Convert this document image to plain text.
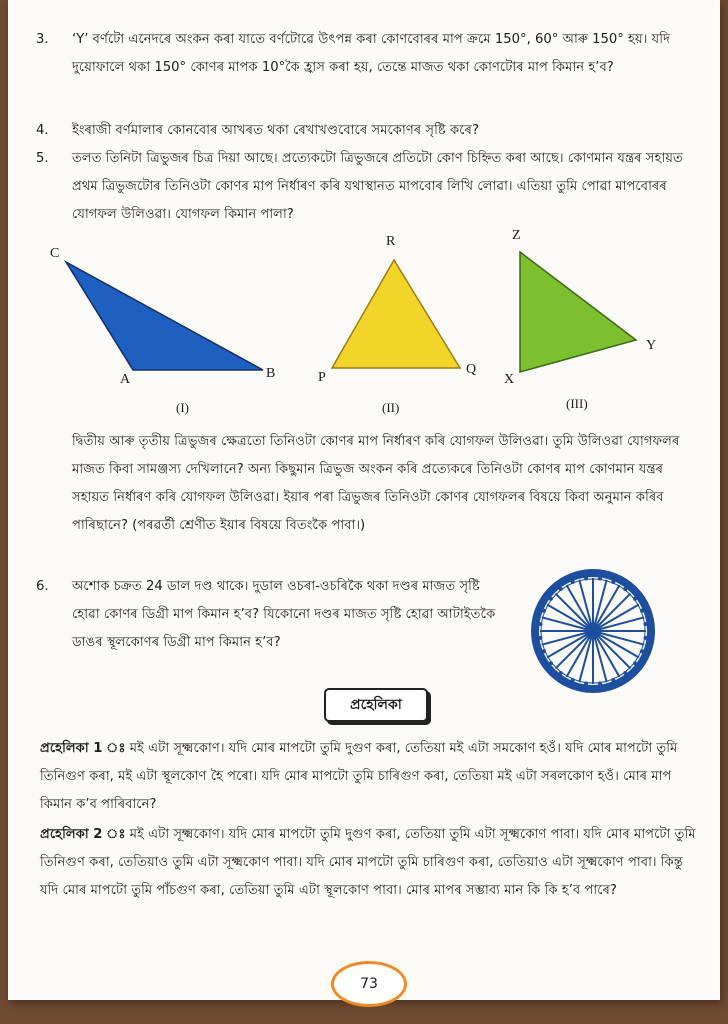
3. ‘Y’ বর্ণটো এনেদৰে অংকন কৰা যাতে বর্ণটোৱে উৎপন্ন কৰা কোণবোৰৰ মাপ ক্রমে 150°, 60° আৰু 150° হয়। যদি দুয়োফালে থকা 150° কোণৰ মাপক 10°কৈ হ্রাস কৰা হয়, তেন্তে মাজত থকা কোণটোৰ মাপ কিমান হ’ব?
4. ইংৰাজী বৰ্ণমালাৰ কোনবোৰ আখৰত থকা ৰেখাখণ্ডবোৰে সমকোণৰ সৃষ্টি কৰে?
5. তলত তিনিটা ত্ৰিভুজৰ চিত্ৰ দিয়া আছে। প্ৰত্যেকটো ত্ৰিভুজৰে প্ৰতিটো কোণ চিহ্নিত কৰা আছে। কোণমান যন্ত্ৰৰ সহায়ত প্ৰথম ত্ৰিভুজটোৰ তিনিওটা কোণৰ মাপ নিৰ্ধাৰণ কৰি যথাস্থানত মাপবোৰ লিখি লোৱা। এতিয়া তুমি পোৱা মাপবোৰৰ যোগফল উলিওৱা। যোগফল কিমান পালা?
C
A	B
(I)
R
P
Q
(II)
Z
X
Y
(III)
দ্বিতীয় আৰু তৃতীয় ত্ৰিভুজৰ ক্ষেত্ৰতো তিনিওটা কোণৰ মাপ নিৰ্ধাৰণ কৰি যোগফল উলিওৱা। তুমি উলিওৱা যোগফলৰ মাজত কিবা সামঞ্জস্য দেখিলানে? অন্য কিছুমান ত্ৰিভুজ অংকন কৰি প্ৰত্যেকৰে তিনিওটা কোণৰ মাপ কোণমান যন্ত্ৰৰ সহায়ত নিৰ্ধাৰণ কৰি যোগফল উলিওৱা। ইয়াৰ পৰা ত্ৰিভুজৰ তিনিওটা কোণৰ যোগফলৰ বিষয়ে কিবা অনুমান কৰিব পাৰিছানে? (পৰৱৰ্তী শ্ৰেণীত ইয়াৰ বিষয়ে বিতংকৈ পাবা।)
6. অশোক চক্ৰত 24 ডাল দণ্ড থাকে। দুডাল ওচৰা-ওচৰিকৈ থকা দণ্ডৰ মাজত সৃষ্টি হোৱা কোণৰ ডিগ্ৰী মাপ কিমান হ’ব? যিকোনো দণ্ডৰ মাজত সৃষ্টি হোৱা আটাইতকৈ ডাঙৰ স্থূলকোণৰ ডিগ্ৰী মাপ কিমান হ’ব?
প্ৰহেলিকা
প্ৰহেলিকা 1 ঃ মই এটা সূক্ষ্মকোণ। যদি মোৰ মাপটো তুমি দুগুণ কৰা, তেতিয়া মই এটা সমকোণ হওঁ। যদি মোৰ মাপটো তুমি তিনিগুণ কৰা, মই এটা স্থূলকোণ হৈ পৰো। যদি মোৰ মাপটো তুমি চাৰিগুণ কৰা, তেতিয়া মই এটা সৰলকোণ হওঁ। মোৰ মাপ কিমান ক’ব পাৰিবানে?
প্ৰহেলিকা 2 ঃ মই এটা সূক্ষ্মকোণ। যদি মোৰ মাপটো তুমি দুগুণ কৰা, তেতিয়া তুমি এটা সূক্ষ্মকোণ পাবা। যদি মোৰ মাপটো তুমি তিনিগুণ কৰা, তেতিয়াও তুমি এটা সূক্ষ্মকোণ পাবা। যদি মোৰ মাপটো তুমি চাৰিগুণ কৰা, তেতিয়াও এটা সূক্ষ্মকোণ পাবা। কিন্তু যদি মোৰ মাপটো তুমি পাঁচগুণ কৰা, তেতিয়া তুমি এটা স্থূলকোণ পাবা। মোৰ মাপৰ সম্ভাব্য মান কি কি হ’ব পাৰে?
73
